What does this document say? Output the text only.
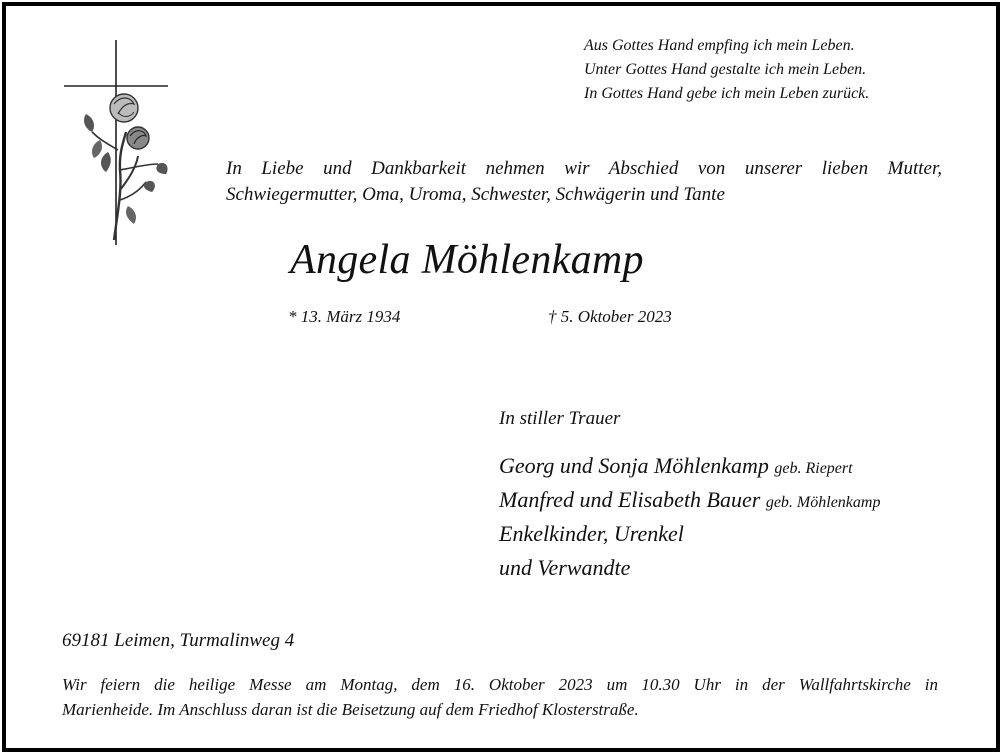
Aus Gottes Hand empfing ich mein Leben.
Unter Gottes Hand gestalte ich mein Leben.
In Gottes Hand gebe ich mein Leben zurück.
In Liebe und Dankbarkeit nehmen wir Abschied von unserer lieben Mutter,
Schwiegermutter, Oma, Uroma, Schwester, Schwägerin und Tante
Angela Möhlenkamp
* 13. März 1934	† 5. Oktober 2023
In stiller Trauer
Georg und Sonja Möhlenkamp geb. Riepert
Manfred und Elisabeth Bauer geb. Möhlenkamp
Enkelkinder, Urenkel
und Verwandte
69181 Leimen, Turmalinweg 4
Wir feiern die heilige Messe am Montag, dem 16. Oktober 2023 um 10.30 Uhr in der Wallfahrtskirche in
Marienheide. Im Anschluss daran ist die Beisetzung auf dem Friedhof Klosterstraße.
